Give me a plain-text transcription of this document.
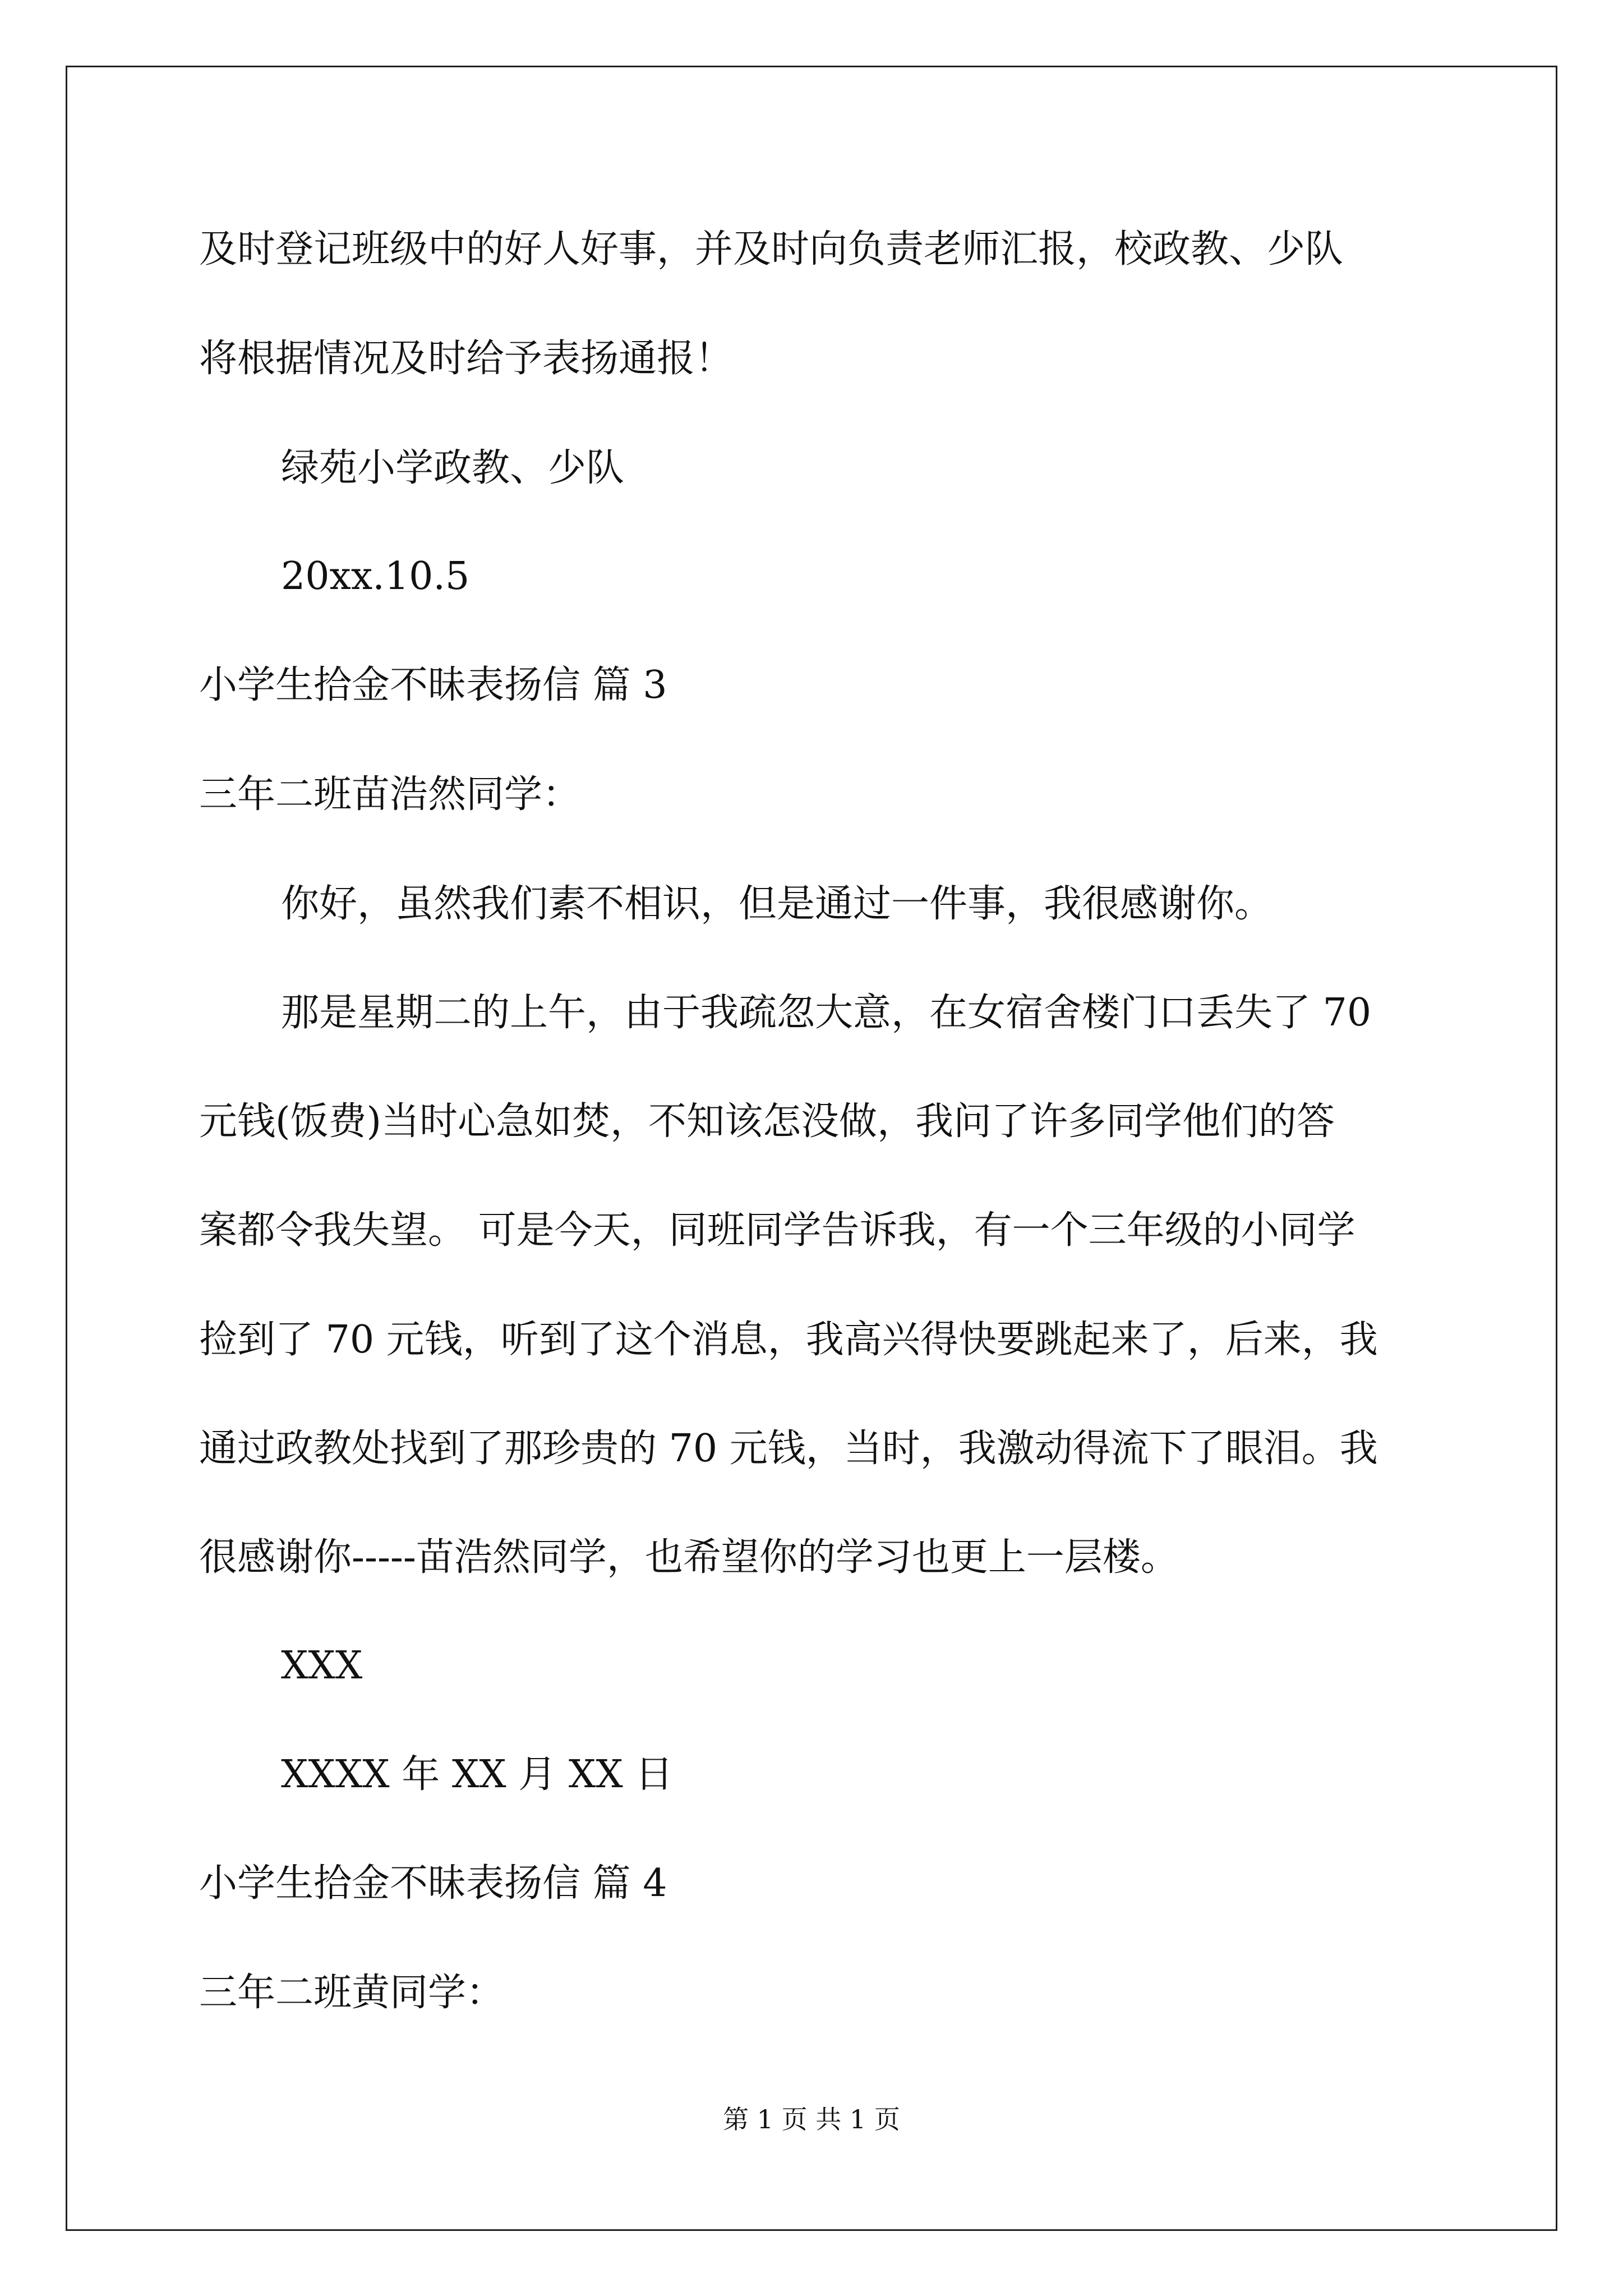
及时登记班级中的好人好事，并及时向负责老师汇报，校政教、少队
将根据情况及时给予表扬通报！
绿苑小学政教、少队
20xx.10.5
小学生拾金不昧表扬信 篇 3
三年二班苗浩然同学：
你好，虽然我们素不相识，但是通过一件事，我很感谢你。
那是星期二的上午，由于我疏忽大意，在女宿舍楼门口丢失了 70
元钱(饭费)当时心急如焚，不知该怎没做，我问了许多同学他们的答
案都令我失望。 可是今天，同班同学告诉我，有一个三年级的小同学
捡到了 70 元钱，听到了这个消息，我高兴得快要跳起来了，后来，我
通过政教处找到了那珍贵的 70 元钱，当时，我激动得流下了眼泪。我
很感谢你-----苗浩然同学，也希望你的学习也更上一层楼。
XXX
XXXX 年 XX 月 XX 日
小学生拾金不昧表扬信 篇 4
三年二班黄同学：
第 1 页 共 1 页
